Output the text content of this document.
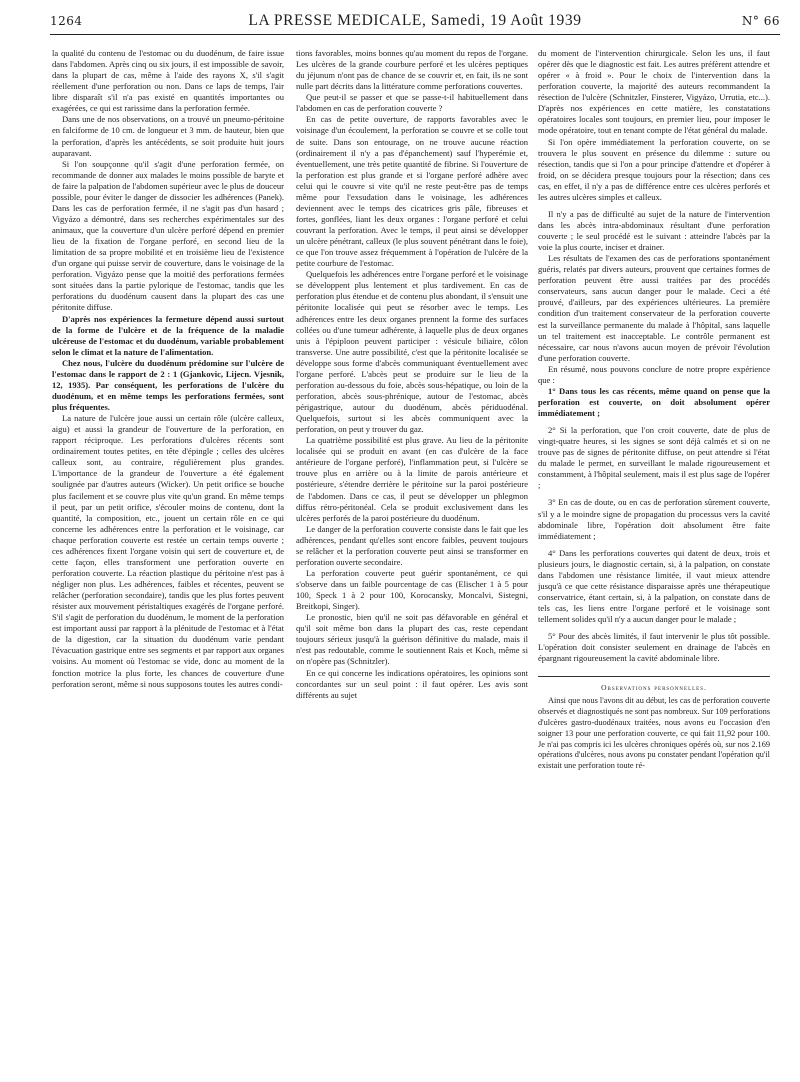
1264	LA PRESSE MEDICALE, Samedi, 19 Août 1939	N° 66

la qualité du contenu de l'estomac ou du duodénum, de faire issue dans l'abdomen. Après cinq ou six jours, il est impossible de savoir, dans la plupart de cas, même à l'aide des rayons X, s'il s'agit réellement d'une perforation ou non. Dans ce laps de temps, l'air libre disparaît s'il n'a pas existé en quantités importantes ou exagérées, ce qui est rarissime dans la perforation fermée.

Dans une de nos observations, on a trouvé un pneumo-péritoine en falciforme de 10 cm. de longueur et 3 mm. de hauteur, bien que la perforation, d'après les antécédents, se soit produite huit jours auparavant.

Si l'on soupçonne qu'il s'agit d'une perforation fermée, on recommande de donner aux malades le moins possible de baryte et de faire la palpation de l'abdomen supérieur avec le plus de douceur possible, pour éviter le danger de dissocier les adhérences (Panek). Dans les cas de perforation fermée, il ne s'agit pas d'un hasard ; Vigyázo a démontré, dans ses recherches expérimentales sur des animaux, que la couverture d'un ulcère perforé dépend en premier lieu de la fixation de l'organe perforé, en second lieu de la limitation de sa propre mobilité et en troisième lieu de l'existence d'un organe qui puisse servir de couverture, dans le voisinage de la perforation. Vigyázo pense que la moitié des perforations fermées sont situées dans la partie pylorique de l'estomac, tandis que les perforations du duodénum causent dans la plupart des cas une péritonite diffuse.

D'après nos expériences la fermeture dépend aussi surtout de la forme de l'ulcère et de la fréquence de la maladie ulcéreuse de l'estomac et du duodénum, variable probablement selon le climat et la nature de l'alimentation.

Chez nous, l'ulcère du duodénum prédomine sur l'ulcère de l'estomac dans le rapport de 2 : 1 (Gjankovic, Lijecn. Vjesnik, 12, 1935). Par conséquent, les perforations de l'ulcère du duodénum, et en même temps les perforations fermées, sont plus fréquentes.

La nature de l'ulcère joue aussi un certain rôle (ulcère calleux, aigu) et aussi la grandeur de l'ouverture de la perforation, en rapport réciproque. Les perforations d'ulcères récents sont ordinairement toutes petites, en tête d'épingle ; celles des ulcères calleux sont, au contraire, régulièrement plus grandes. L'importance de la grandeur de l'ouverture a été également soulignée par d'autres auteurs (Wicker). Un petit orifice se bouche plus facilement et se couvre plus vite qu'un grand. En même temps il peut, par un petit orifice, s'écouler moins de contenu, dont la quantité, la composition, etc., jouent un certain rôle en ce qui concerne les adhérences entre la perforation et le voisinage, car chaque perforation couverte est restée un certain temps ouverte ; ces adhérences fixent l'organe voisin qui sert de couverture et, de cette façon, elles transforment une perforation ouverte en perforation couverte. La réaction plastique du péritoine n'est pas à négliger non plus. Les adhérences, faibles et récentes, peuvent se relâcher (perforation secondaire), tandis que les plus fortes peuvent résister aux mouvement péristaltiques exagérés de l'organe perforé. S'il s'agit de perforation du duodénum, le moment de la perforation est important aussi par rapport à la plénitude de l'estomac et à l'état de la digestion, car la situation du duodénum varie pendant l'évacuation gastrique entre ses segments et par rapport aux organes voisins. Au moment où l'estomac se vide, donc au moment de la fonction motrice la plus forte, les chances de couverture d'une perforation seront, même si nous supposons toutes les autres condi-

tions favorables, moins bonnes qu'au moment du repos de l'organe. Les ulcères de la grande courbure perforé et les ulcères peptiques du jéjunum n'ont pas de chance de se couvrir et, en fait, ils ne sont nulle part décrits dans la littérature comme perforations couvertes.

Que peut-il se passer et que se passe-t-il habituellement dans l'abdomen en cas de perforation couverte ?

En cas de petite ouverture, de rapports favorables avec le voisinage d'un écoulement, la perforation se couvre et se colle tout de suite. Dans son entourage, on ne trouve aucune réaction (ordinairement il n'y a pas d'épanchement) sauf l'hyperémie et, éventuellement, une très petite quantité de fibrine. Si l'ouverture de la perforation est plus grande et si l'organe perforé adhère avec celui qui le couvre si vite qu'il ne reste peut-être pas de temps même pour l'exsudation dans le voisinage, les adhérences deviennent avec le temps des cicatrices gris pâle, fibreuses et fortes, gonflées, liant les deux organes : l'organe perforé et celui couvrant la perforation. Avec le temps, il peut ainsi se développer un ulcère pénétrant, calleux (le plus souvent pénétrant dans le foie), ce que l'on trouve assez fréquemment à l'opération de l'ulcère de la petite courbure de l'estomac.

Quelquefois les adhérences entre l'organe perforé et le voisinage se développent plus lentement et plus tardivement. En cas de perforation plus étendue et de contenu plus abondant, il s'ensuit une péritonite localisée qui peut se résorber avec le temps. Les adhérences entre les deux organes prennent la forme des surfaces collées ou d'une tumeur adhérente, à laquelle plus de deux organes unis à l'épiploon peuvent participer : vésicule biliaire, côlon transverse. Une autre possibilité, c'est que la péritonite localisée se développe sous forme d'abcès communiquant éventuellement avec l'organe perforé. L'abcès peut se produire sur le lieu de la perforation au-dessous du foie, abcès sous-hépatique, ou loin de la perforation, abcès sous-phrénique, autour de l'estomac, abcès périgastrique, autour du duodénum, abcès périduodénal. Quelquefois, surtout si les abcès communiquent avec la perforation, on peut y trouver du gaz.

La quatrième possibilité est plus grave. Au lieu de la péritonite localisée qui se produit en avant (en cas d'ulcère de la face antérieure de l'organe perforé), l'inflammation peut, si l'ulcère se trouve plus en arrière ou à la limite de parois antérieure et postérieure, s'étendre derrière le péritoine sur la paroi postérieure de l'abdomen. Dans ce cas, il peut se développer un phlegmon diffus rétro-péritonéal. Cela se produit exclusivement dans les ulcères perforés de la paroi postérieure du duodénum.

Le danger de la perforation couverte consiste dans le fait que les adhérences, pendant qu'elles sont encore faibles, peuvent toujours se relâcher et la perforation couverte peut ainsi se transformer en perforation ouverte secondaire.

La perforation couverte peut guérir spontanément, ce qui s'observe dans un faible pourcentage de cas (Elischer 1 à 5 pour 100, Speck 1 à 2 pour 100, Korocansky, Moncalvi, Sistegni, Breitkopi, Singer).

Le pronostic, bien qu'il ne soit pas défavorable en général et qu'il soit même bon dans la plupart des cas, reste cependant toujours sérieux jusqu'à la guérison définitive du malade, mais il n'est pas redoutable, comme le soutiennent Rais et Koch, même si on n'opère pas (Schnitzler).

En ce qui concerne les indications opératoires, les opinions sont concordantes sur un seul point : il faut opérer. Les avis sont différents au sujet

du moment de l'intervention chirurgicale. Selon les uns, il faut opérer dès que le diagnostic est fait. Les autres préfèrent attendre et opérer « à froid ». Pour le choix de l'intervention dans la perforation couverte, la majorité des auteurs recommandent la résection de l'ulcère (Schnitzler, Finsterer, Vigyázo, Urrutia, etc...). D'après nos expériences en cette matière, les constatations opératoires locales sont toujours, en premier lieu, pour imposer le mode opératoire, tout en tenant compte de l'état général du malade.

Si l'on opère immédiatement la perforation couverte, on se trouvera le plus souvent en présence du dilemme : suture ou résection, tandis que si l'on a pour principe d'attendre et d'opérer à froid, on se décidera presque toujours pour la résection; dans ces cas, en effet, il n'y a pas de différence entre ces ulcères perforés et les autres ulcères simples et calleux.

Il n'y a pas de difficulté au sujet de la nature de l'intervention dans les abcès intra-abdominaux résultant d'une perforation couverte ; le seul procédé est le suivant : atteindre l'abcès par la voie la plus courte, inciser et drainer.

Les résultats de l'examen des cas de perforations spontanément guéris, relatés par divers auteurs, prouvent que certaines formes de perforation peuvent être aussi traitées par des procédés conservateurs, sans aucun danger pour le malade. Ceci a été prouvé, d'ailleurs, par des expériences ultérieures. La première condition d'un traitement conservateur de la perforation couverte est la surveillance permanente du malade à l'hôpital, sans laquelle un tel traitement est inacceptable. Le contrôle permanent est nécessaire, car nous n'avons aucun moyen de prévoir l'évolution d'une perforation couverte.

En résumé, nous pouvons conclure de notre propre expérience que :

1° Dans tous les cas récents, même quand on pense que la perforation est couverte, on doit absolument opérer immédiatement ;

2° Si la perforation, que l'on croit couverte, date de plus de vingt-quatre heures, si les signes se sont déjà calmés et si on ne trouve pas de signes de péritonite diffuse, on peut attendre si l'état du malade le permet, en surveillant le malade rigoureusement et constamment, à l'hôpital seulement, mais il est plus sage de l'opérer ;

3° En cas de doute, ou en cas de perforation sûrement couverte, s'il y a le moindre signe de propagation du processus vers la cavité abdominale libre, l'opération doit absolument être faite immédiatement ;

4° Dans les perforations couvertes qui datent de deux, trois et plusieurs jours, le diagnostic certain, si, à la palpation, on constate dans l'abdomen une résistance limitée, il vaut mieux attendre jusqu'à ce que cette résistance disparaisse après une thérapeutique conservatrice, étant certain, si, à la palpation, on constate dans de tels cas, les liens entre l'organe perforé et le voisinage sont tellement solides qu'il n'y a aucun danger pour le malade ;

5° Pour des abcès limités, il faut intervenir le plus tôt possible. L'opération doit consister seulement en drainage de l'abcès en épargnant rigoureusement la cavité abdominale libre.

Observations personnelles.

Ainsi que nous l'avons dit au début, les cas de perforation couverte observés et diagnostiqués ne sont pas nombreux. Sur 109 perforations d'ulcères gastro-duodénaux traitées, nous avons eu l'occasion d'en soigner 13 pour une perforation couverte, ce qui fait 11,92 pour 100. Je n'ai pas compris ici les ulcères chroniques opérés où, sur nos 2.169 opérations d'ulcères, nous avons pu constater pendant l'opération qu'il existait une perforation toute ré-
